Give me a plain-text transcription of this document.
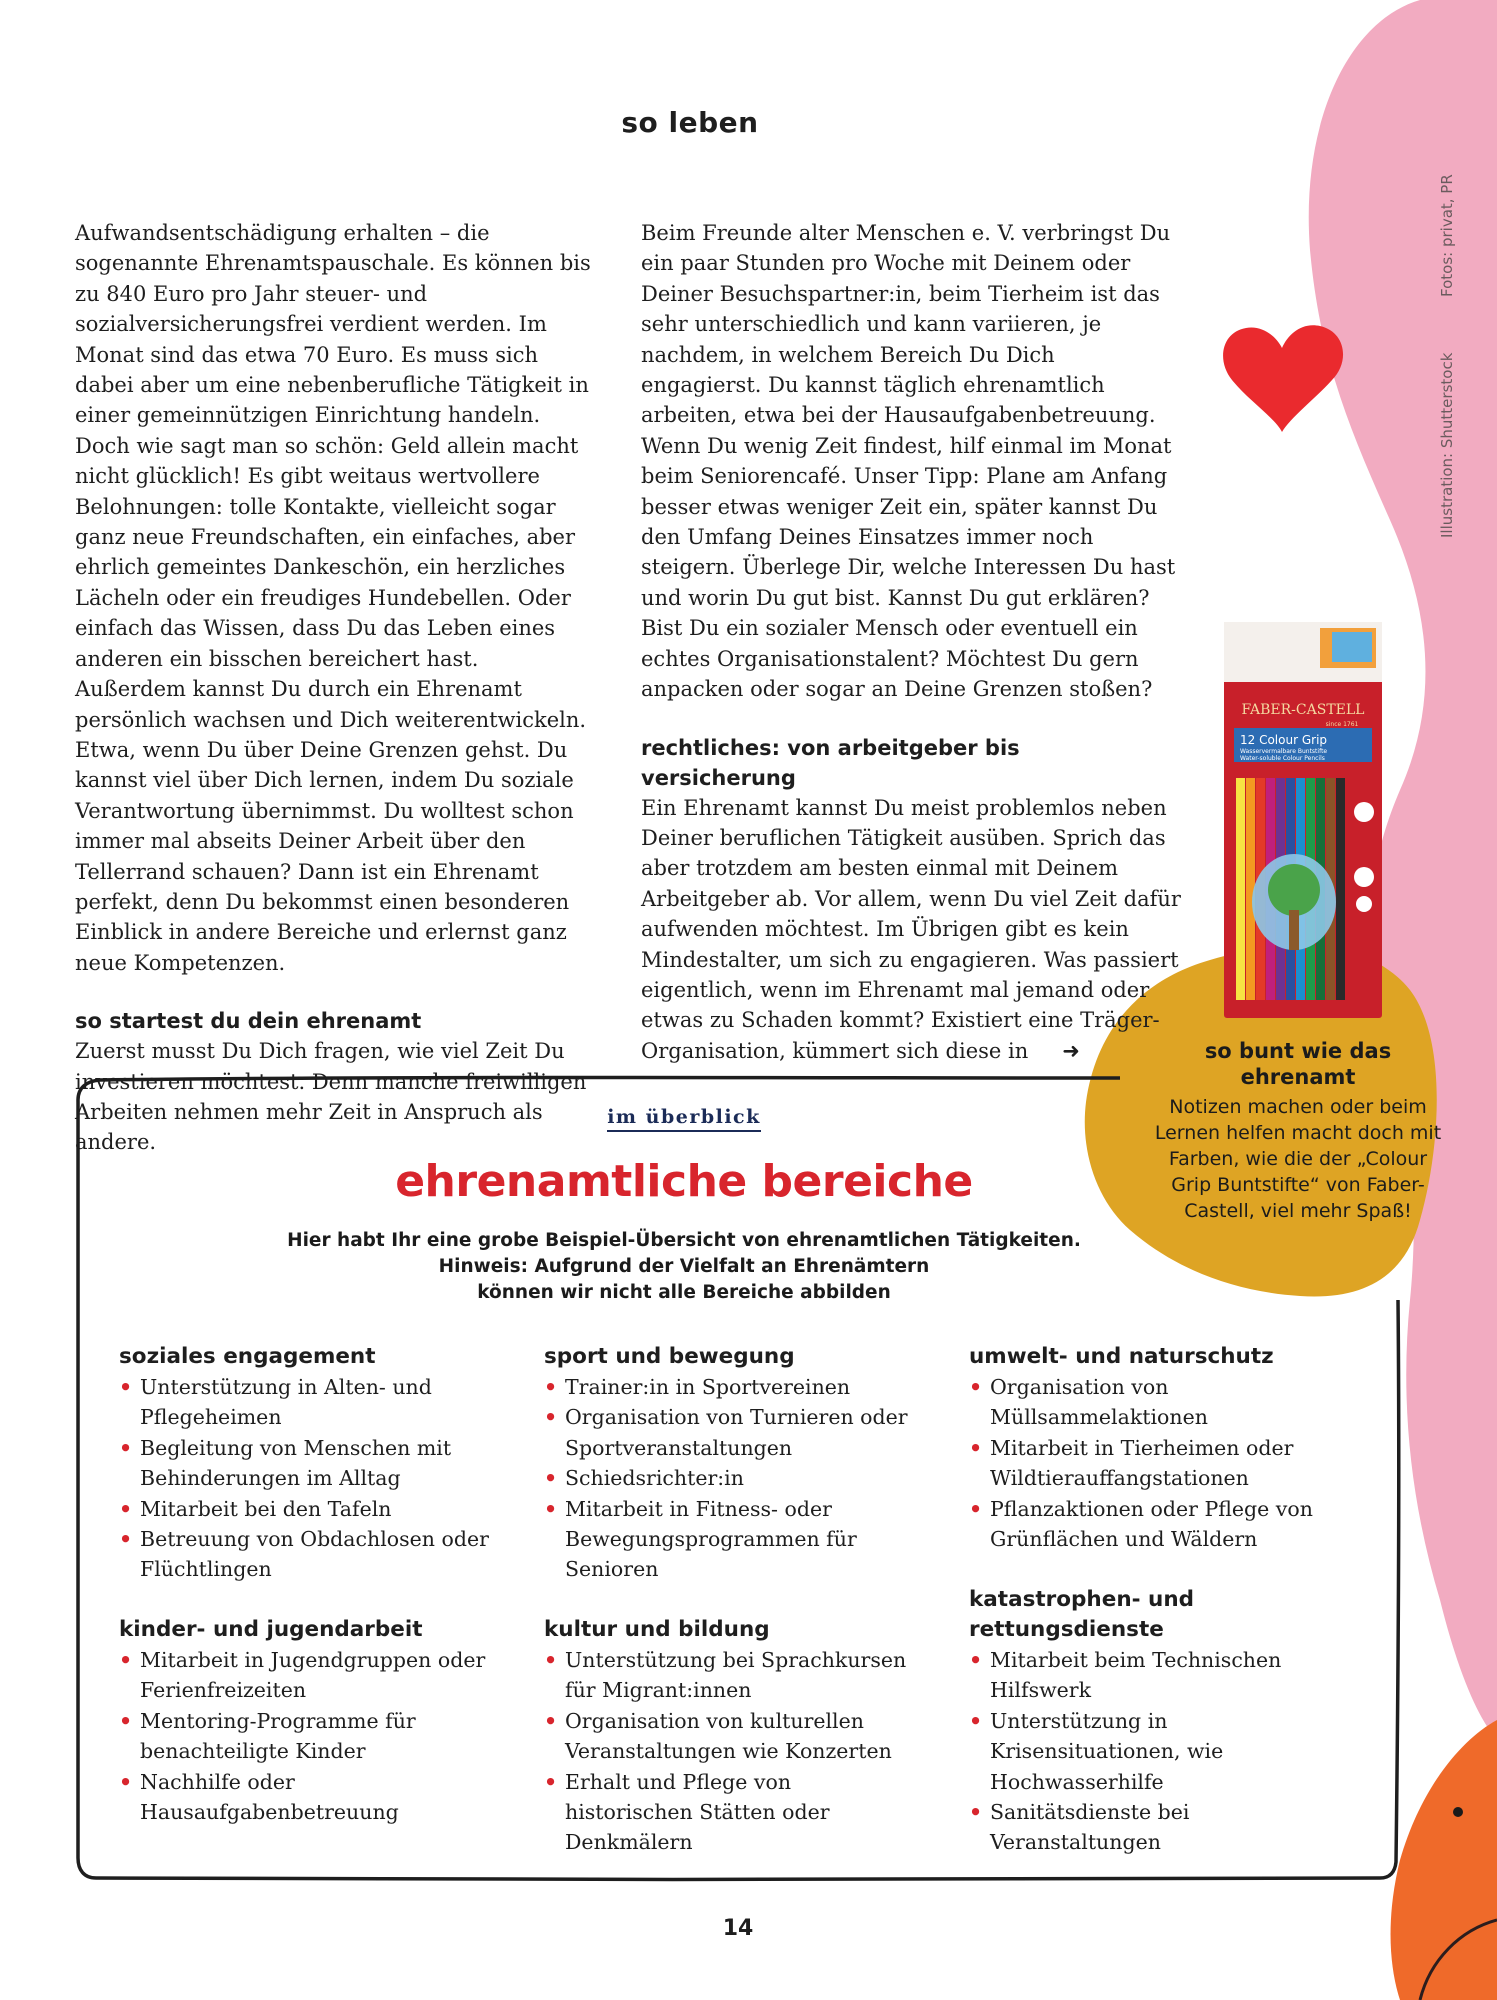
so leben
Illustration: ShutterstockFotos: privat, PR

Aufwandsentschädigung erhalten – die sogenannte Ehrenamtspauschale. Es können bis zu 840 Euro pro Jahr steuer- und sozialversicherungsfrei verdient werden. Im Monat sind das etwa 70 Euro. Es muss sich dabei aber um eine nebenberufliche Tätigkeit in einer gemeinnützigen Einrichtung handeln. Doch wie sagt man so schön: Geld allein macht nicht glücklich! Es gibt weitaus wertvollere Belohnungen: tolle Kontakte, vielleicht sogar ganz neue Freundschaften, ein einfaches, aber ehrlich gemeintes Dankeschön, ein herzliches Lächeln oder ein freudiges Hundebellen. Oder einfach das Wissen, dass Du das Leben eines anderen ein bisschen bereichert hast. Außerdem kannst Du durch ein Ehrenamt persönlich wachsen und Dich weiterentwickeln. Etwa, wenn Du über Deine Grenzen gehst. Du kannst viel über Dich lernen, indem Du soziale Verantwortung übernimmst. Du wolltest schon immer mal abseits Deiner Arbeit über den Tellerrand schauen? Dann ist ein Ehrenamt perfekt, denn Du bekommst einen besonderen Einblick in andere Bereiche und erlernst ganz neue Kompetenzen.

so startest du dein ehrenamt

Zuerst musst Du Dich fragen, wie viel Zeit Du investieren möchtest. Denn manche freiwilligen Arbeiten nehmen mehr Zeit in Anspruch als andere.

Beim Freunde alter Menschen e. V. verbringst Du ein paar Stunden pro Woche mit Deinem oder Deiner Besuchspartner:in, beim Tierheim ist das sehr unterschiedlich und kann variieren, je nachdem, in welchem Bereich Du Dich engagierst. Du kannst täglich ehrenamtlich arbeiten, etwa bei der Hausaufgabenbetreuung. Wenn Du wenig Zeit findest, hilf einmal im Monat beim Seniorencafé. Unser Tipp: Plane am Anfang besser etwas weniger Zeit ein, später kannst Du den Umfang Deines Einsatzes immer noch steigern. Überlege Dir, welche Interessen Du hast und worin Du gut bist. Kannst Du gut erklären? Bist Du ein sozialer Mensch oder eventuell ein echtes Organisationstalent? Möchtest Du gern anpacken oder sogar an Deine Grenzen stoßen?

rechtliches: von arbeitgeber bis versicherung

Ein Ehrenamt kannst Du meist problemlos neben Deiner beruflichen Tätigkeit ausüben. Sprich das aber trotzdem am besten einmal mit Deinem Arbeitgeber ab. Vor allem, wenn Du viel Zeit dafür aufwenden möchtest. Im Übrigen gibt es kein Mindestalter, um sich zu engagieren. Was passiert eigentlich, wenn im Ehrenamt mal jemand oder etwas zu Schaden kommt? Existiert eine Träger-Organisation, kümmert sich diese in ➜

FABER-CASTELL
since 1761
12 Colour Grip
Wasservermalbare Buntstifte
Water-soluble Colour Pencils
so bunt wie das ehrenamt
Notizen machen oder beim Lernen helfen macht doch mit Farben, wie die der „Colour Grip Buntstifte“ von Faber-Castell, viel mehr Spaß!
im überblick
ehrenamtliche bereiche
Hier habt Ihr eine grobe Beispiel-Übersicht von ehrenamtlichen Tätigkeiten.
Hinweis: Aufgrund der Vielfalt an Ehrenämtern
können wir nicht alle Bereiche abbilden
soziales engagement
• Unterstützung in Alten- und Pflegeheimen
• Begleitung von Menschen mit Behinderungen im Alltag
• Mitarbeit bei den Tafeln
• Betreuung von Obdachlosen oder Flüchtlingen
sport und bewegung
• Trainer:in in Sportvereinen
• Organisation von Turnieren oder Sportveranstaltungen
• Schiedsrichter:in
• Mitarbeit in Fitness- oder Bewegungsprogrammen für Senioren
umwelt- und naturschutz
• Organisation von Müllsammelaktionen
• Mitarbeit in Tierheimen oder Wildtierauffangstationen
• Pflanzaktionen oder Pflege von Grünflächen und Wäldern
kinder- und jugendarbeit
• Mitarbeit in Jugendgruppen oder Ferienfreizeiten
• Mentoring-Programme für benachteiligte Kinder
• Nachhilfe oder Hausaufgabenbetreuung
kultur und bildung
• Unterstützung bei Sprachkursen für Migrant:innen
• Organisation von kulturellen Veranstaltungen wie Konzerten
• Erhalt und Pflege von historischen Stätten oder Denkmälern
katastrophen- und rettungsdienste
• Mitarbeit beim Technischen Hilfswerk
• Unterstützung in Krisensituationen, wie Hochwasserhilfe
• Sanitätsdienste bei Veranstaltungen
14
